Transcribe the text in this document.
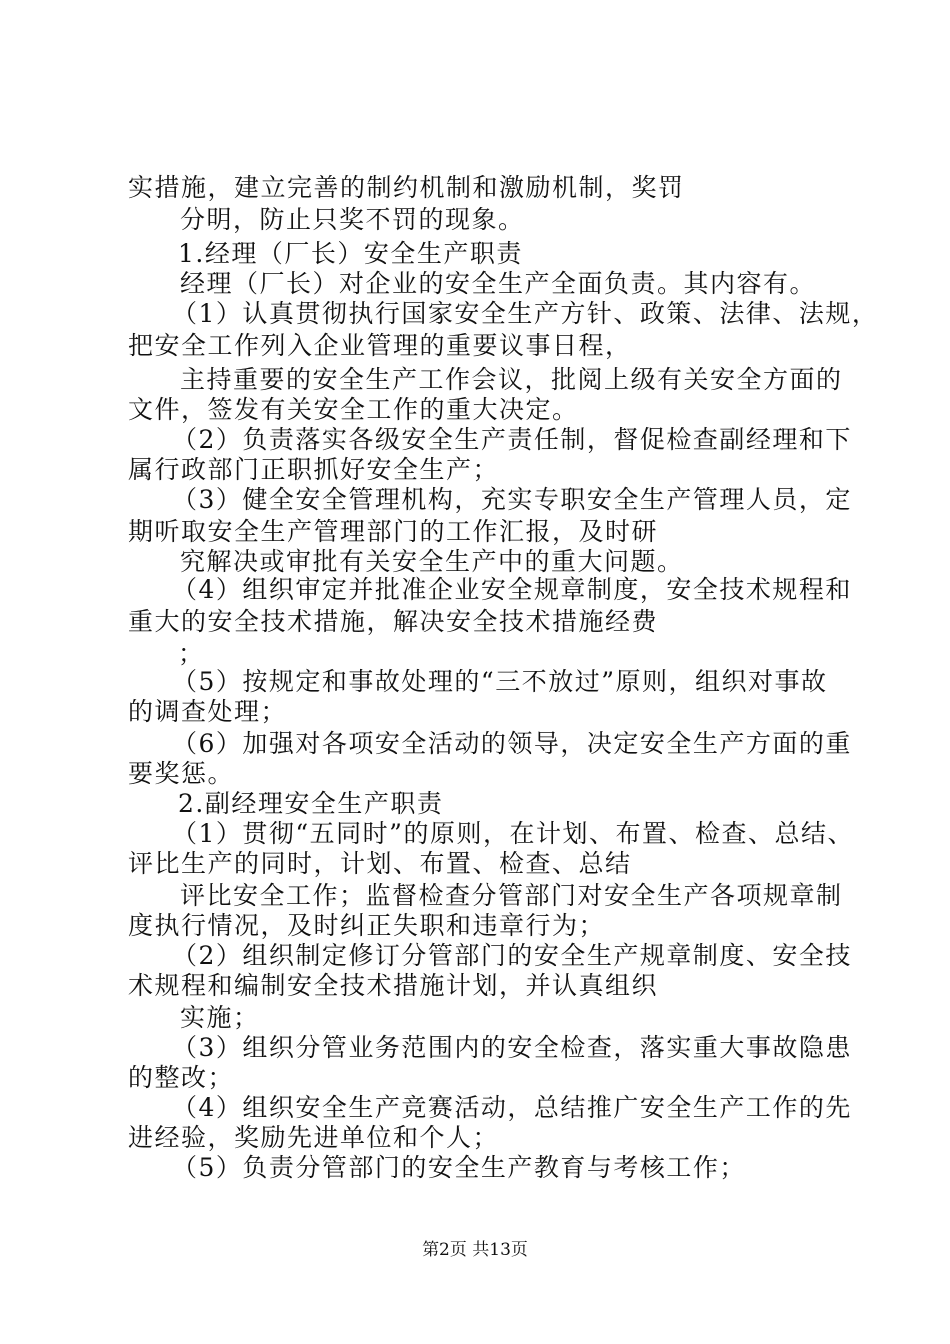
实措施，建立完善的制约机制和激励机制，奖罚
分明，防止只奖不罚的现象。
1.经理（厂长）安全生产职责
经理（厂长）对企业的安全生产全面负责。其内容有。
（1）认真贯彻执行国家安全生产方针、政策、法律、法规，
把安全工作列入企业管理的重要议事日程，
主持重要的安全生产工作会议，批阅上级有关安全方面的
文件，签发有关安全工作的重大决定。
（2）负责落实各级安全生产责任制，督促检查副经理和下
属行政部门正职抓好安全生产；
（3）健全安全管理机构，充实专职安全生产管理人员，定
期听取安全生产管理部门的工作汇报，及时研
究解决或审批有关安全生产中的重大问题。
（4）组织审定并批准企业安全规章制度，安全技术规程和
重大的安全技术措施，解决安全技术措施经费
；
（5）按规定和事故处理的“三不放过”原则，组织对事故
的调查处理；
（6）加强对各项安全活动的领导，决定安全生产方面的重
要奖惩。
2.副经理安全生产职责
（1）贯彻“五同时”的原则，在计划、布置、检查、总结、
评比生产的同时，计划、布置、检查、总结
评比安全工作；监督检查分管部门对安全生产各项规章制
度执行情况，及时纠正失职和违章行为；
（2）组织制定修订分管部门的安全生产规章制度、安全技
术规程和编制安全技术措施计划，并认真组织
实施；
（3）组织分管业务范围内的安全检查，落实重大事故隐患
的整改；
（4）组织安全生产竞赛活动，总结推广安全生产工作的先
进经验，奖励先进单位和个人；
（5）负责分管部门的安全生产教育与考核工作；
第2页 共13页
